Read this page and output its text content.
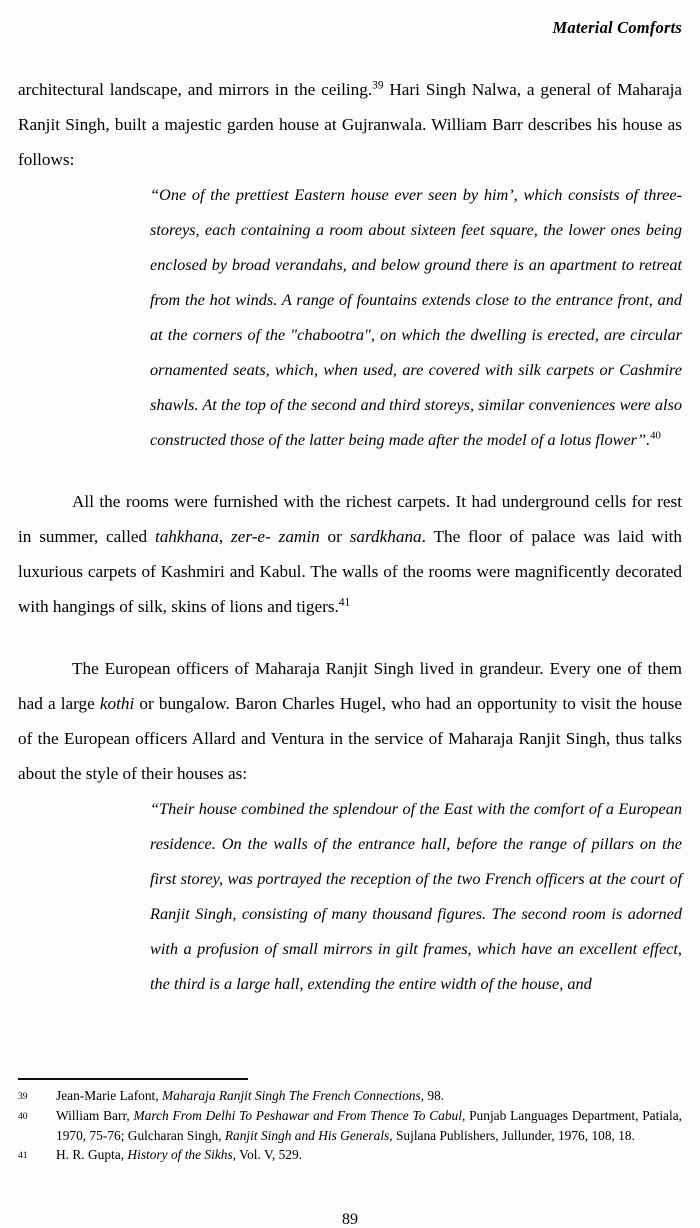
Material Comforts

architectural landscape, and mirrors in the ceiling.$^{39}$ Hari Singh Nalwa, a general of Maharaja Ranjit Singh, built a majestic garden house at Gujranwala. William Barr describes his house as follows:

“One of the prettiest Eastern house ever seen by him’, which consists of three-storeys, each containing a room about sixteen feet square, the lower ones being enclosed by broad verandahs, and below ground there is an apartment to retreat from the hot winds. A range of fountains extends close to the entrance front, and at the corners of the "chabootra", on which the dwelling is erected, are circular ornamented seats, which, when used, are covered with silk carpets or Cashmire shawls. At the top of the second and third storeys, similar conveniences were also constructed those of the latter being made after the model of a lotus flower”.$^{40}$

All the rooms were furnished with the richest carpets. It had underground cells for rest in summer, called tahkhana, zer-e- zamin or sardkhana. The floor of palace was laid with luxurious carpets of Kashmiri and Kabul. The walls of the rooms were magnificently decorated with hangings of silk, skins of lions and tigers.$^{41}$

The European officers of Maharaja Ranjit Singh lived in grandeur. Every one of them had a large kothi or bungalow. Baron Charles Hugel, who had an opportunity to visit the house of the European officers Allard and Ventura in the service of Maharaja Ranjit Singh, thus talks about the style of their houses as:

“Their house combined the splendour of the East with the comfort of a European residence. On the walls of the entrance hall, before the range of pillars on the first storey, was portrayed the reception of the two French officers at the court of Ranjit Singh, consisting of many thousand figures. The second room is adorned with a profusion of small mirrors in gilt frames, which have an excellent effect, the third is a large hall, extending the entire width of the house, and
39	Jean-Marie Lafont, Maharaja Ranjit Singh The French Connections, 98.
40	William Barr, March From Delhi To Peshawar and From Thence To Cabul, Punjab Languages Department, Patiala, 1970, 75-76; Gulcharan Singh, Ranjit Singh and His Generals, Sujlana Publishers, Jullunder, 1976, 108, 18.
41	H. R. Gupta, History of the Sikhs, Vol. V, 529.
89
